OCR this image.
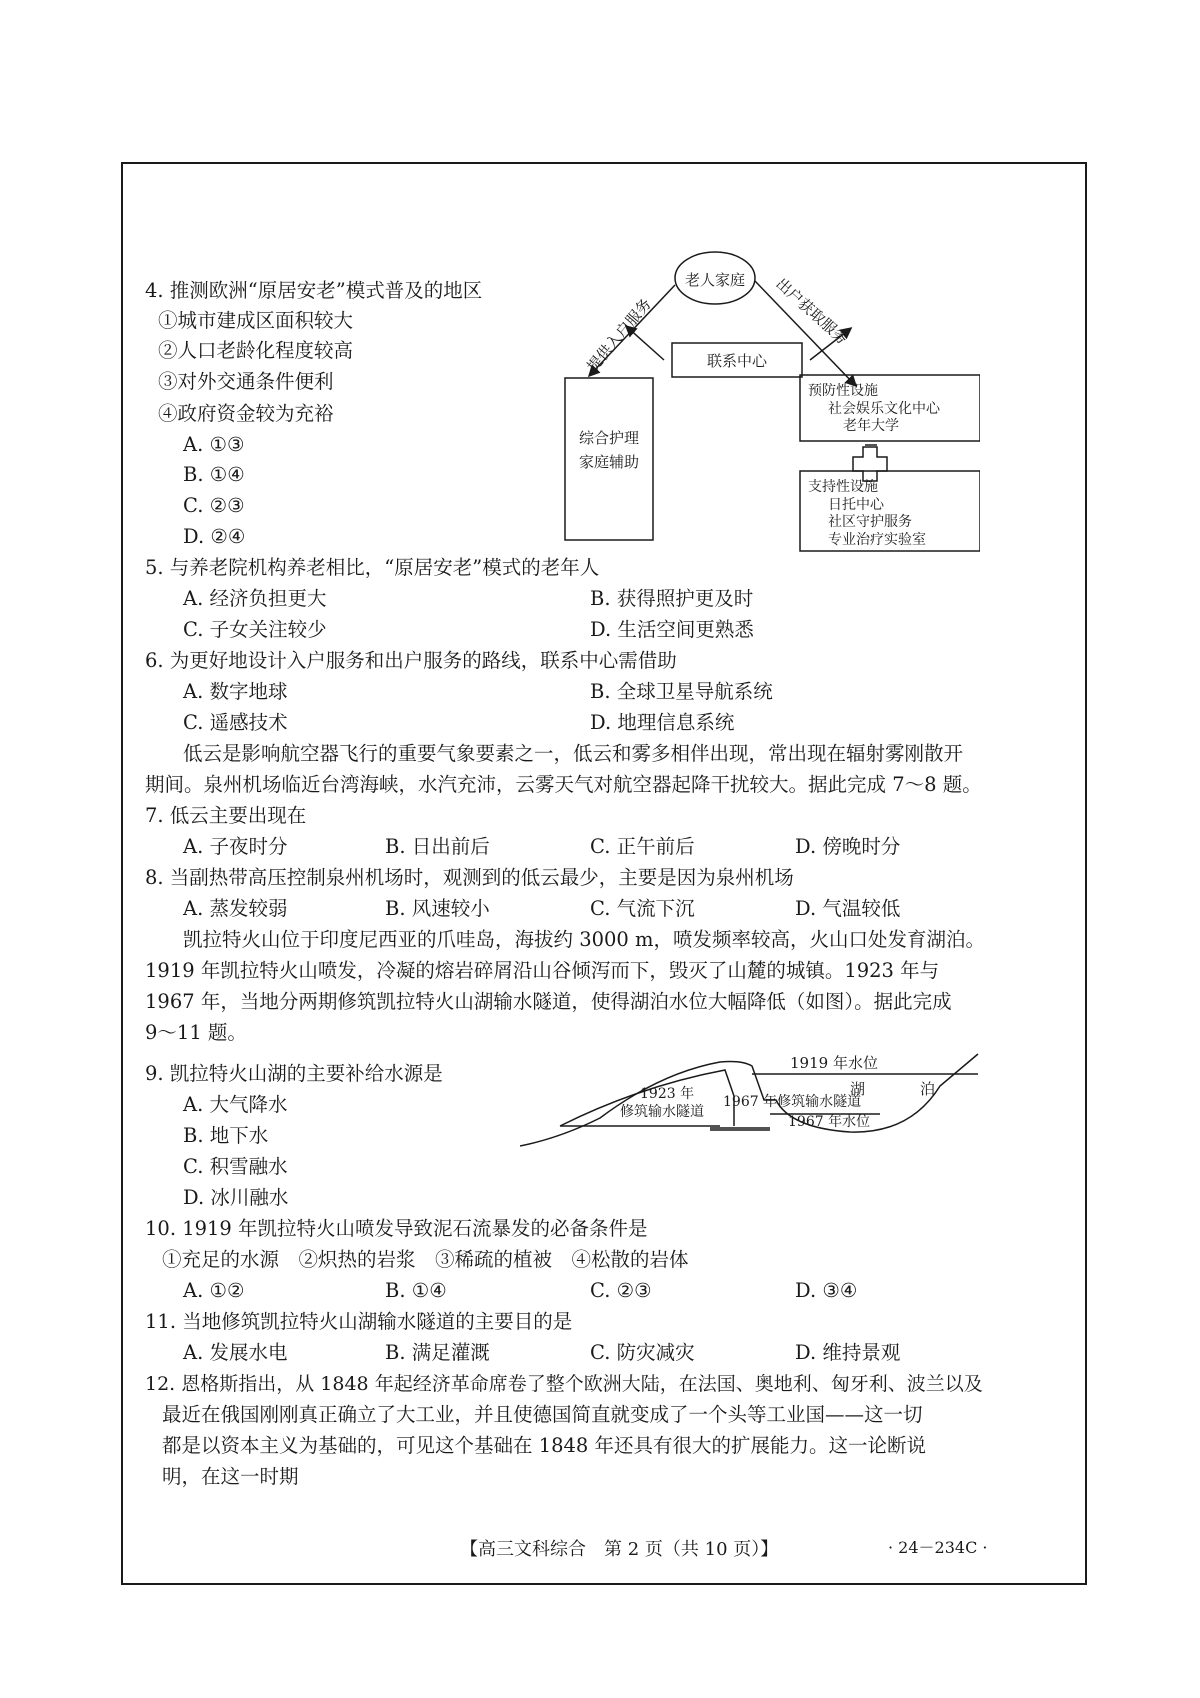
4. 推测欧洲“原居安老”模式普及的地区
①城市建成区面积较大
②人口老龄化程度较高
③对外交通条件便利
④政府资金较为充裕
A. ①③
B. ①④
C. ②③
D. ②④
老人家庭
联系中心
提供入户服务	出户获取服务
综合护理
家庭辅助
预防性设施
社会娱乐文化中心
老年大学
支持性设施
日托中心
社区守护服务
专业治疗实验室
5. 与养老院机构养老相比，“原居安老”模式的老年人
A. 经济负担更大	B. 获得照护更及时
C. 子女关注较少	D. 生活空间更熟悉
6. 为更好地设计入户服务和出户服务的路线，联系中心需借助
A. 数字地球	B. 全球卫星导航系统
C. 遥感技术	D. 地理信息系统
低云是影响航空器飞行的重要气象要素之一，低云和雾多相伴出现，常出现在辐射雾刚散开
期间。泉州机场临近台湾海峡，水汽充沛，云雾天气对航空器起降干扰较大。据此完成 7～8 题。
7. 低云主要出现在
A. 子夜时分	B. 日出前后	C. 正午前后	D. 傍晚时分
8. 当副热带高压控制泉州机场时，观测到的低云最少，主要是因为泉州机场
A. 蒸发较弱	B. 风速较小	C. 气流下沉	D. 气温较低
凯拉特火山位于印度尼西亚的爪哇岛，海拔约 3000 m，喷发频率较高，火山口处发育湖泊。
1919 年凯拉特火山喷发，冷凝的熔岩碎屑沿山谷倾泻而下，毁灭了山麓的城镇。1923 年与
1967 年，当地分两期修筑凯拉特火山湖输水隧道，使得湖泊水位大幅降低（如图）。据此完成
9～11 题。
1919 年水位
湖	泊
1923 年
修筑输水隧道
1967 年修筑输水隧道
1967 年水位
9. 凯拉特火山湖的主要补给水源是
A. 大气降水
B. 地下水
C. 积雪融水
D. 冰川融水
10. 1919 年凯拉特火山喷发导致泥石流暴发的必备条件是
①充足的水源　②炽热的岩浆　③稀疏的植被　④松散的岩体
A. ①②	B. ①④	C. ②③	D. ③④
11. 当地修筑凯拉特火山湖输水隧道的主要目的是
A. 发展水电	B. 满足灌溉	C. 防灾减灾	D. 维持景观
12. 恩格斯指出，从 1848 年起经济革命席卷了整个欧洲大陆，在法国、奥地利、匈牙利、波兰以及
最近在俄国刚刚真正确立了大工业，并且使德国简直就变成了一个头等工业国——这一切
都是以资本主义为基础的，可见这个基础在 1848 年还具有很大的扩展能力。这一论断说
明，在这一时期
【高三文科综合　第 2 页（共 10 页）】	· 24－234C ·
